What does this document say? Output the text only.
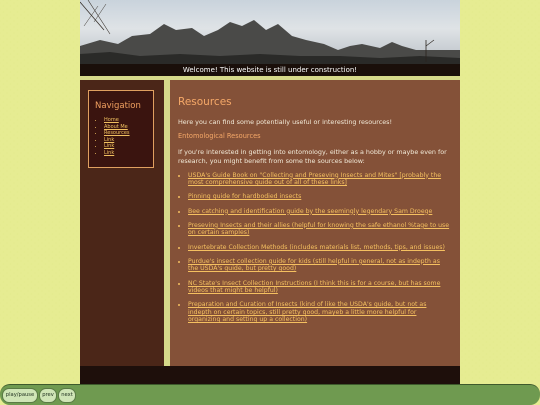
Welcome! This website is still under construction!
Navigation
• Home
• About Me
• Resources
• Link
• Link
• Link
Resources

Here you can find some potentially useful or interesting resources!

Entomological Resources

If you're interested in getting into entomology, either as a hobby or maybe even for research, you might benefit from some the sources below:

• USDA's Guide Book on "Collecting and Preseving Insects and Mites" [probably the most comprehensive guide out of all of these links]
• Pinning guide for hardbodied insects
• Bee catching and identification guide by the seemingly legendary Sam Droege
• Preseving Insects and their allies (helpful for knowing the safe ethanol %tage to use on certain samples)
• Invertebrate Collection Methods (includes materials list, methods, tips, and issues)
• Purdue's insect collection guide for kids (still helpful in general, not as indepth as the USDA's guide, but pretty good)
• NC State's Insect Collection Instructions (I think this is for a course, but has some videos that might be helpful)
• Preparation and Curation of Insects (kind of like the USDA's guide, but not as indepth on certain topics, still pretty good, mayeb a little more helpful for organizing and setting up a collection)
play/pause	prev	next
